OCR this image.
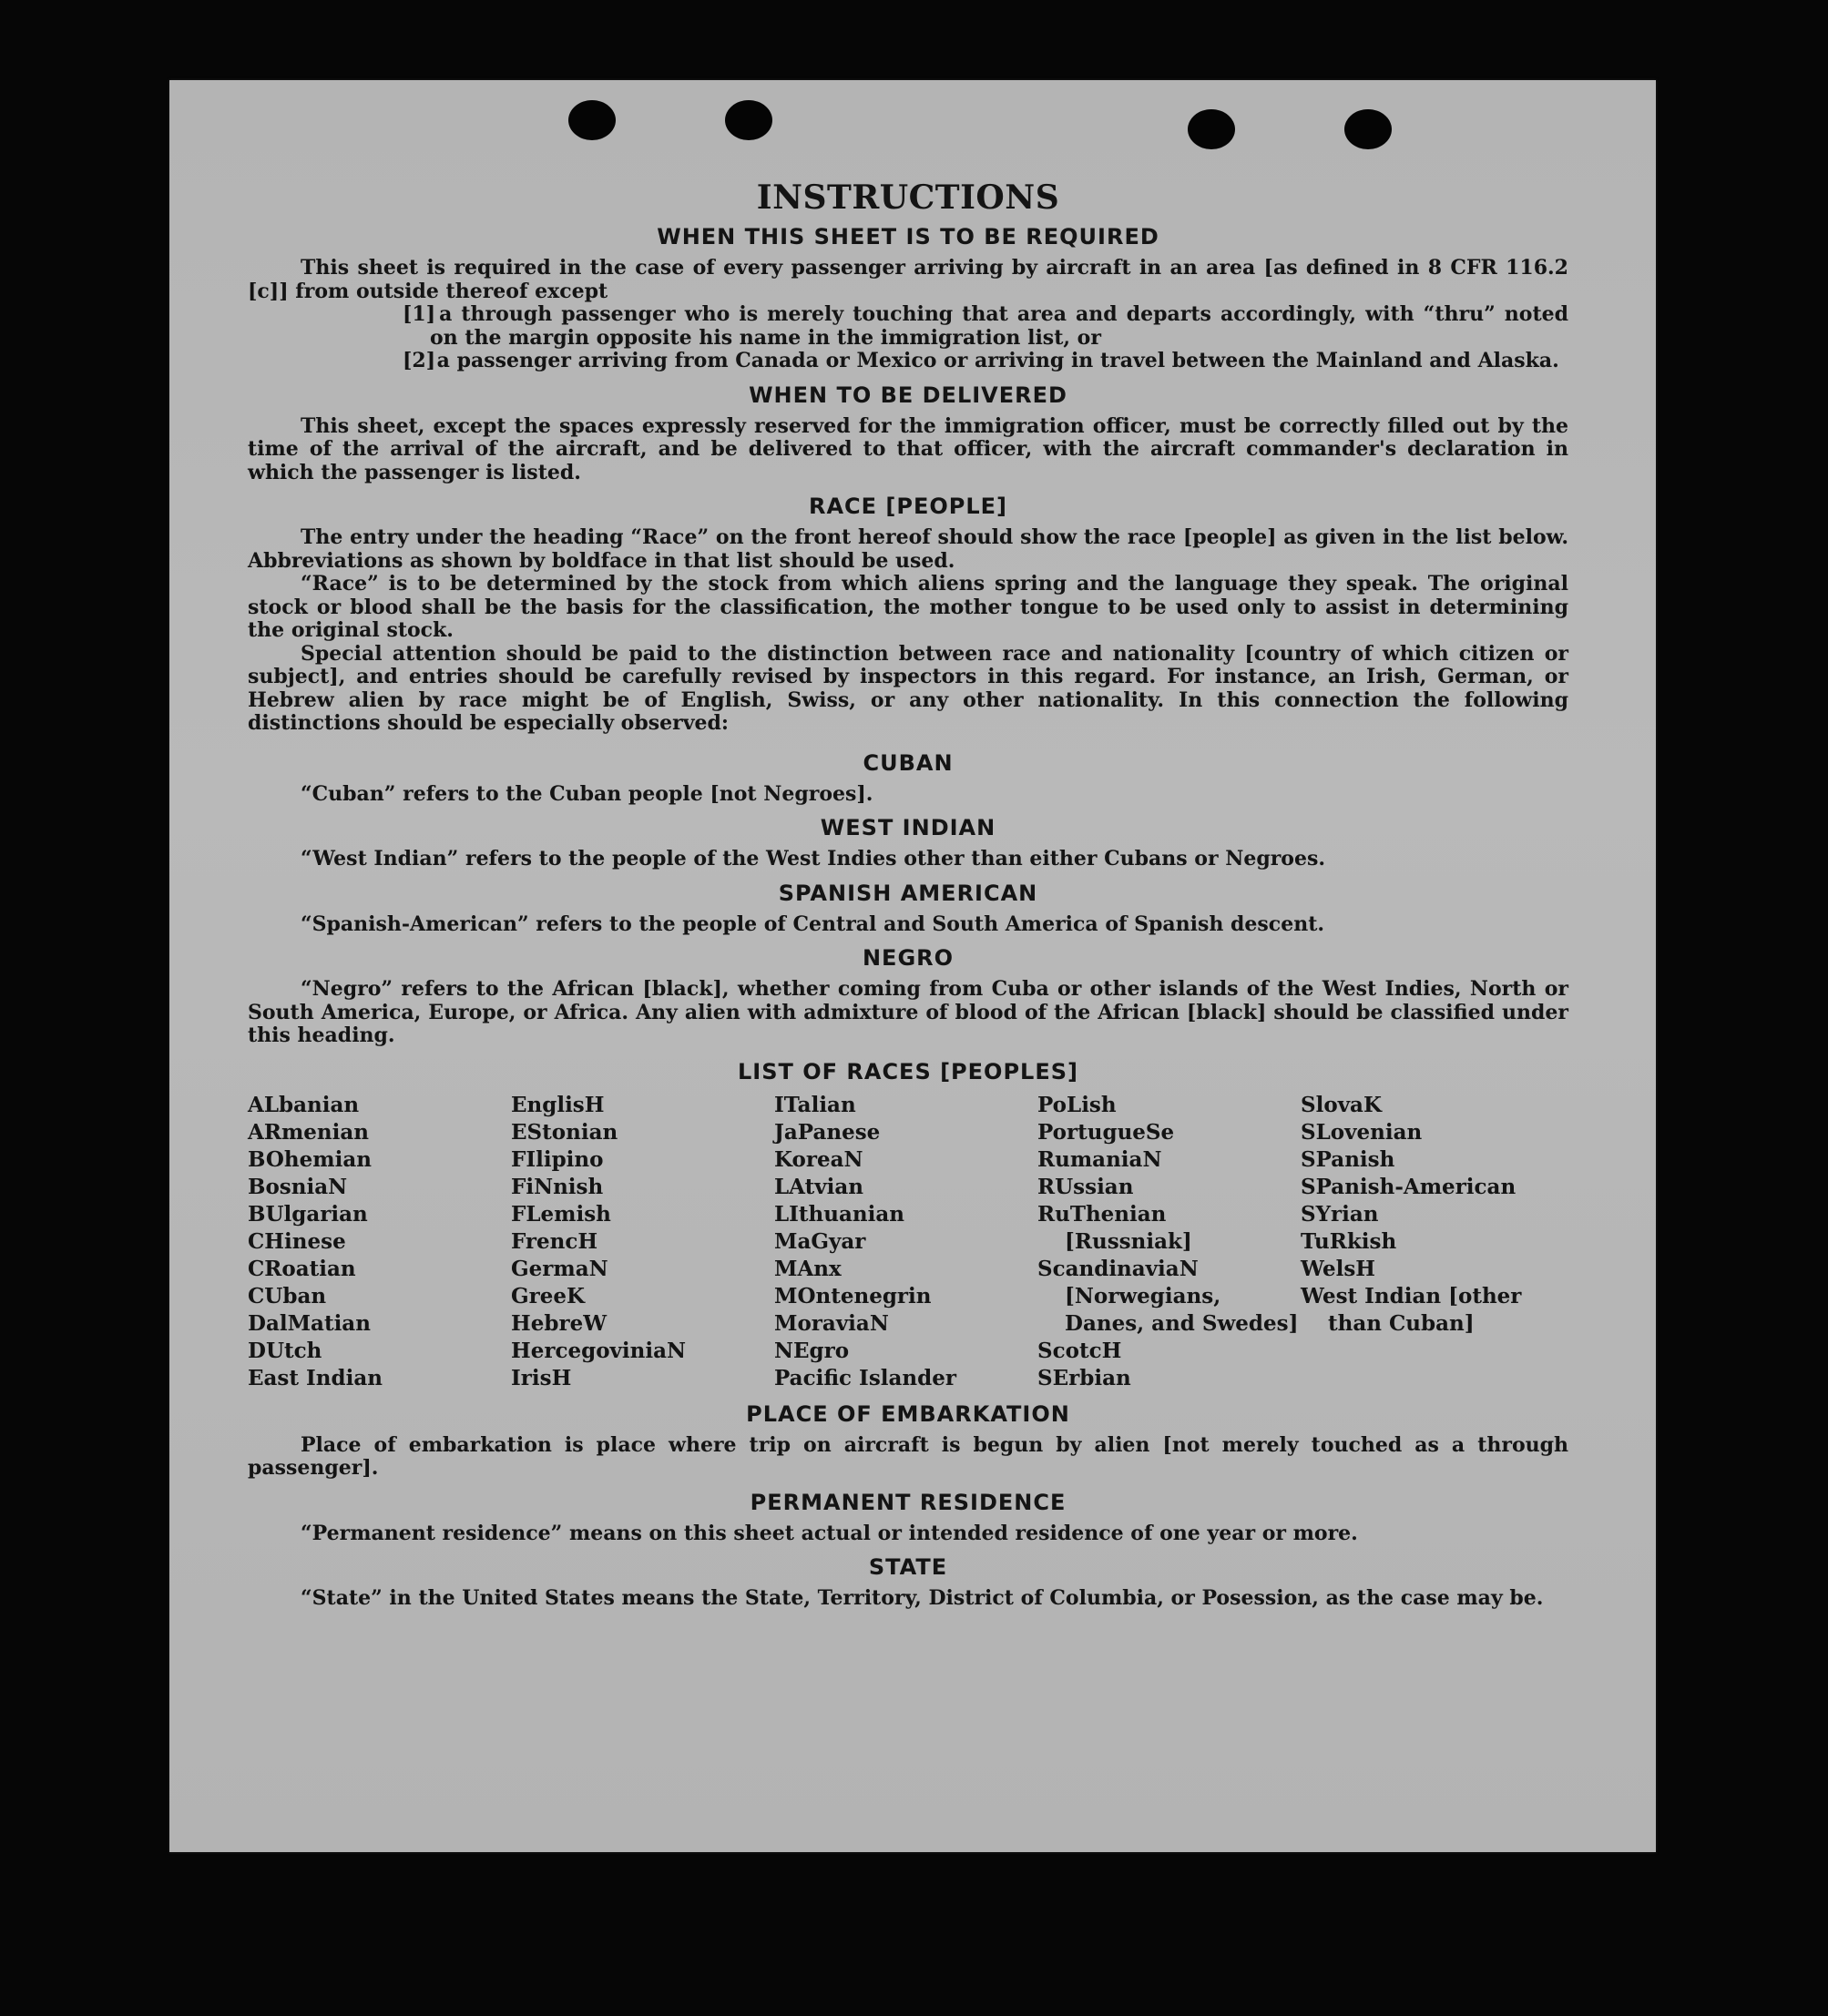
INSTRUCTIONS
WHEN THIS SHEET IS TO BE REQUIRED

This sheet is required in the case of every passenger arriving by aircraft in an area [as defined in 8 CFR 116.2 [c]] from outside thereof except

[1] a through passenger who is merely touching that area and departs accordingly, with “thru” noted on the margin opposite his name in the immigration list, or
[2] a passenger arriving from Canada or Mexico or arriving in travel between the Mainland and Alaska.
WHEN TO BE DELIVERED

This sheet, except the spaces expressly reserved for the immigration officer, must be correctly filled out by the time of the arrival of the aircraft, and be delivered to that officer, with the aircraft commander's declaration in which the passenger is listed.

RACE [PEOPLE]

The entry under the heading “Race” on the front hereof should show the race [people] as given in the list below. Abbreviations as shown by boldface in that list should be used.

“Race” is to be determined by the stock from which aliens spring and the language they speak. The original stock or blood shall be the basis for the classification, the mother tongue to be used only to assist in determining the original stock.

Special attention should be paid to the distinction between race and nationality [country of which citizen or subject], and entries should be carefully revised by inspectors in this regard. For instance, an Irish, German, or Hebrew alien by race might be of English, Swiss, or any other nationality. In this connection the following distinctions should be especially observed:

CUBAN

“Cuban” refers to the Cuban people [not Negroes].

WEST INDIAN

“West Indian” refers to the people of the West Indies other than either Cubans or Negroes.

SPANISH AMERICAN

“Spanish-American” refers to the people of Central and South America of Spanish descent.

NEGRO

“Negro” refers to the African [black], whether coming from Cuba or other islands of the West Indies, North or South America, Europe, or Africa. Any alien with admixture of blood of the African [black] should be classified under this heading.

LIST OF RACES [PEOPLES]
ALbanian
ARmenian
BOhemian
BosniaN
BUlgarian
CHinese
CRoatian
CUban
DalMatian
DUtch
East Indian
EnglisH
EStonian
FIlipino
FiNnish
FLemish
FrencH
GermaN
GreeK
HebreW
HercegoviniaN
IrisH
ITalian
JaPanese
KoreaN
LAtvian
LIthuanian
MaGyar
MAnx
MOntenegrin
MoraviaN
NEgro
Pacific Islander
PoLish
PortugueSe
RumaniaN
RUssian
RuThenian [Russniak]
ScandinaviaN [Norwegians, Danes, and Swedes]
ScotcH
SErbian
SlovaK
SLovenian
SPanish
SPanish-American
SYrian
TuRkish
WelsH
West Indian [other than Cuban]
PLACE OF EMBARKATION

Place of embarkation is place where trip on aircraft is begun by alien [not merely touched as a through passenger].

PERMANENT RESIDENCE

“Permanent residence” means on this sheet actual or intended residence of one year or more.

STATE

“State” in the United States means the State, Territory, District of Columbia, or Posession, as the case may be.
